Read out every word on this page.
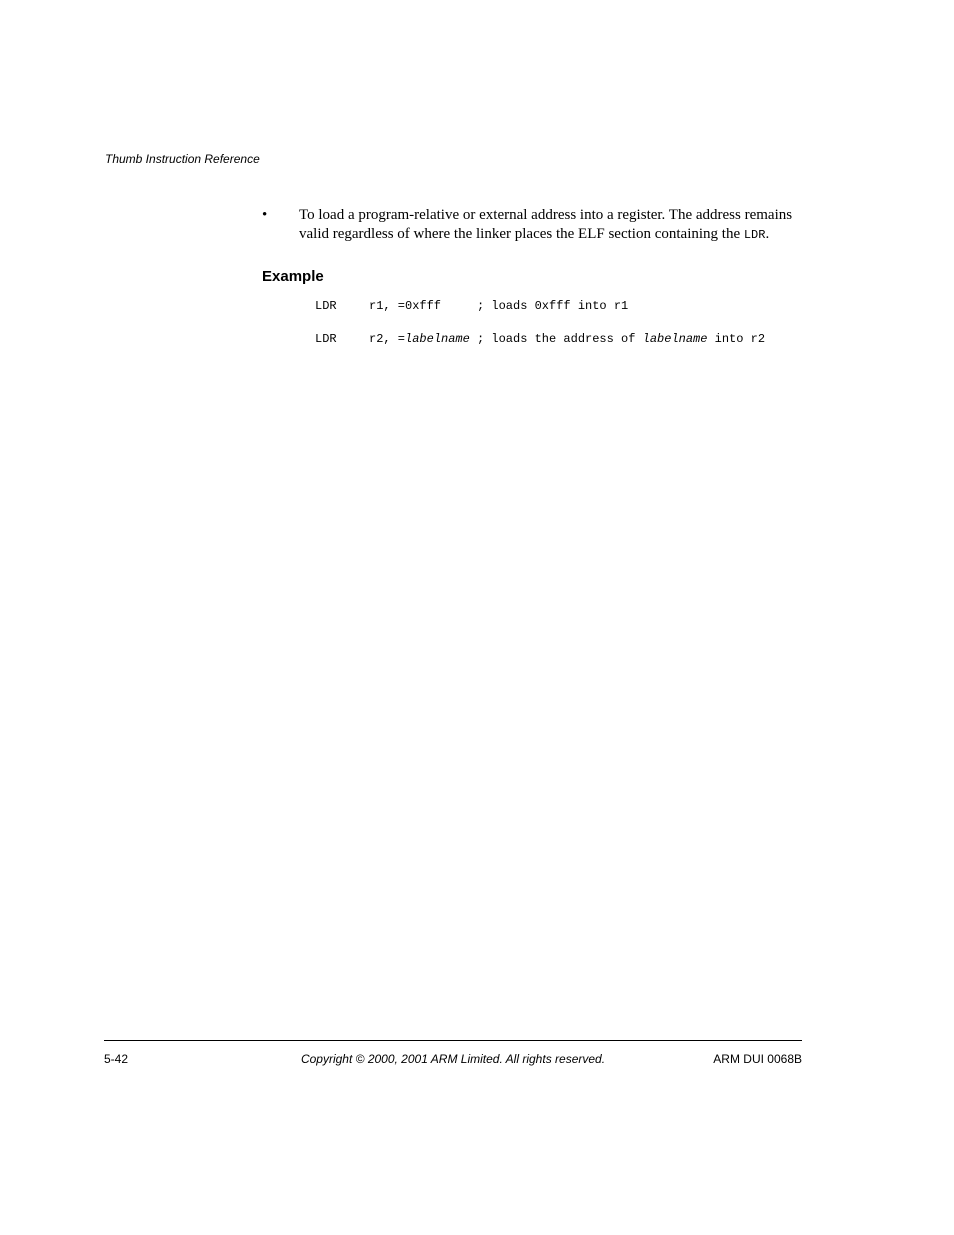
Thumb Instruction Reference
• To load a program-relative or external address into a register. The address remains
valid regardless of where the linker places the ELF section containing the LDR.
Example
LDR	r1, =0xfff	; loads 0xfff into r1
LDR	r2, =labelname ; loads the address of labelname into r2
5-42	Copyright © 2000, 2001 ARM Limited. All rights reserved.	ARM DUI 0068B
